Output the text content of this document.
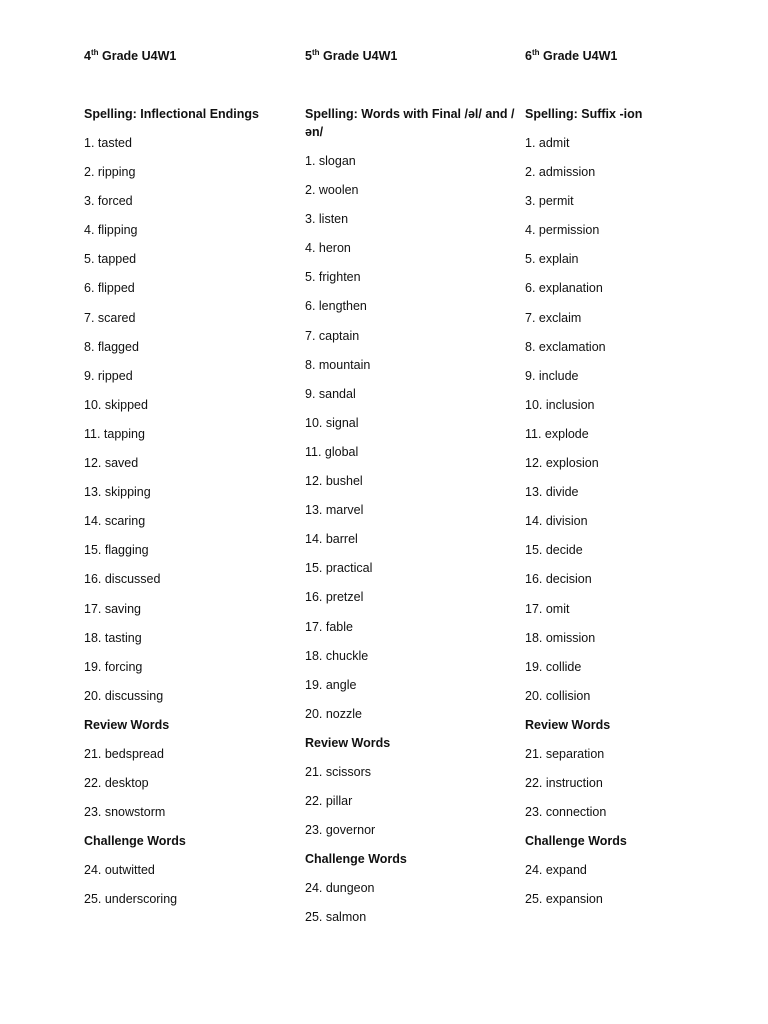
4th Grade U4W1
Spelling: Inflectional Endings
1. tasted
2. ripping
3. forced
4. flipping
5. tapped
6. flipped
7. scared
8. flagged
9. ripped
10. skipped
11. tapping
12. saved
13. skipping
14. scaring
15. flagging
16. discussed
17. saving
18. tasting
19. forcing
20. discussing
Review Words
21. bedspread
22. desktop
23. snowstorm
Challenge Words
24. outwitted
25. underscoring
5th Grade U4W1
Spelling: Words with Final /əl/ and /ən/
1. slogan
2. woolen
3. listen
4. heron
5. frighten
6. lengthen
7. captain
8. mountain
9. sandal
10. signal
11. global
12. bushel
13. marvel
14. barrel
15. practical
16. pretzel
17. fable
18. chuckle
19. angle
20. nozzle
Review Words
21. scissors
22. pillar
23. governor
Challenge Words
24. dungeon
25. salmon
6th Grade U4W1
Spelling: Suffix -ion
1. admit
2. admission
3. permit
4. permission
5. explain
6. explanation
7. exclaim
8. exclamation
9. include
10. inclusion
11. explode
12. explosion
13. divide
14. division
15. decide
16. decision
17. omit
18. omission
19. collide
20. collision
Review Words
21. separation
22. instruction
23. connection
Challenge Words
24. expand
25. expansion
